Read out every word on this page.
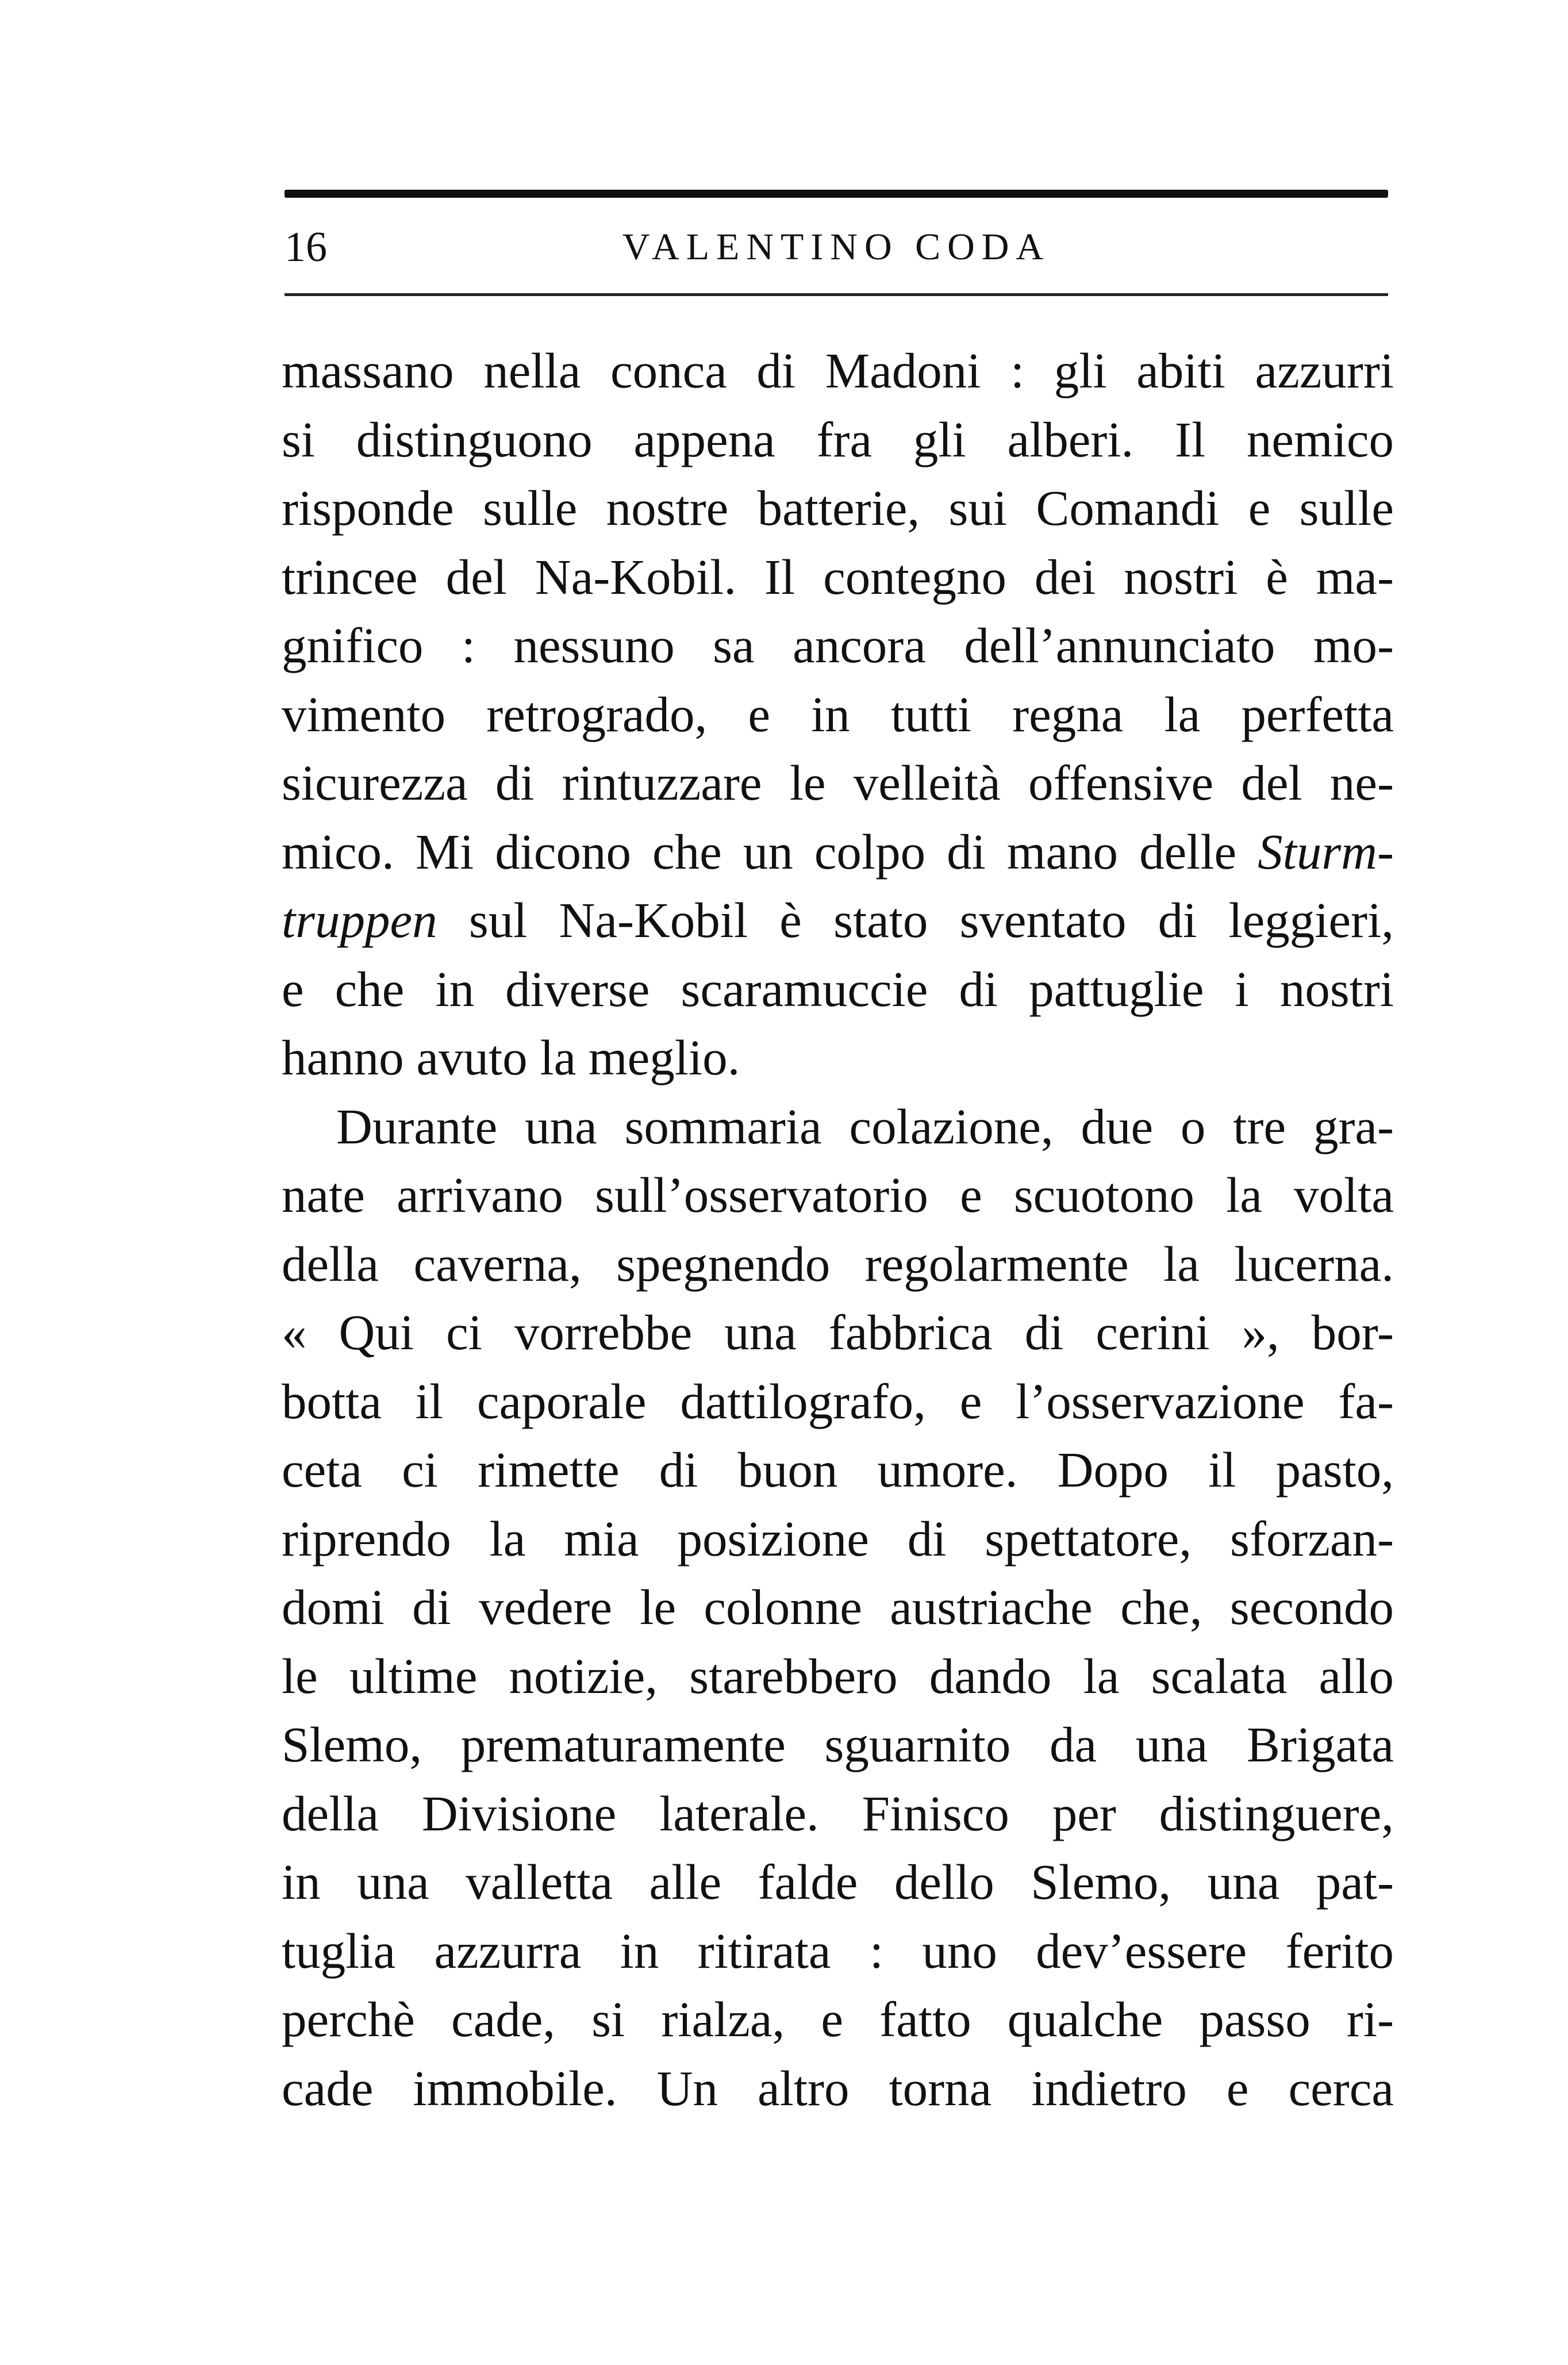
16	VALENTINO CODA
massano nella conca di Madoni : gli abiti azzurri
si distinguono appena fra gli alberi. Il nemico
risponde sulle nostre batterie, sui Comandi e sulle
trincee del Na-Kobil. Il contegno dei nostri è ma-
gnifico : nessuno sa ancora dell’annunciato mo-
vimento retrogrado, e in tutti regna la perfetta
sicurezza di rintuzzare le velleità offensive del ne-
mico. Mi dicono che un colpo di mano delle Sturm-
truppen sul Na-Kobil è stato sventato di leggieri,
e che in diverse scaramuccie di pattuglie i nostri
hanno avuto la meglio.
Durante una sommaria colazione, due o tre gra-
nate arrivano sull’osservatorio e scuotono la volta
della caverna, spegnendo regolarmente la lucerna.
« Qui ci vorrebbe una fabbrica di cerini », bor-
botta il caporale dattilografo, e l’osservazione fa-
ceta ci rimette di buon umore. Dopo il pasto,
riprendo la mia posizione di spettatore, sforzan-
domi di vedere le colonne austriache che, secondo
le ultime notizie, starebbero dando la scalata allo
Slemo, prematuramente sguarnito da una Brigata
della Divisione laterale. Finisco per distinguere,
in una valletta alle falde dello Slemo, una pat-
tuglia azzurra in ritirata : uno dev’essere ferito
perchè cade, si rialza, e fatto qualche passo ri-
cade immobile. Un altro torna indietro e cerca
